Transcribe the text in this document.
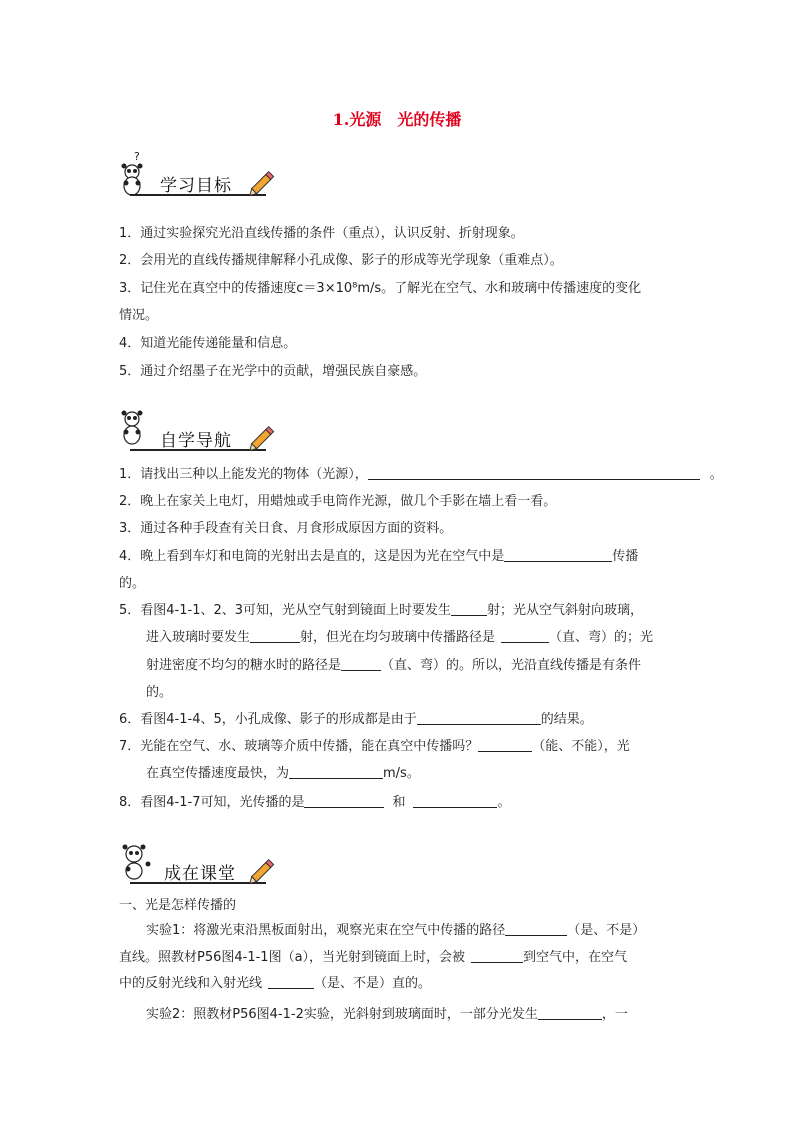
1.光源　光的传播
?
学习目标
1．通过实验探究光沿直线传播的条件（重点），认识反射、折射现象。
2．会用光的直线传播规律解释小孔成像、影子的形成等光学现象（重难点）。
3．记住光在真空中的传播速度c＝3×10⁸m/s。了解光在空气、水和玻璃中传播速度的变化
情况。
4．知道光能传递能量和信息。
5．通过介绍墨子在光学中的贡献，增强民族自豪感。
自学导航
1．请找出三种以上能发光的物体（光源），	。
2．晚上在家关上电灯，用蜡烛或手电筒作光源，做几个手影在墙上看一看。
3．通过各种手段查有关日食、月食形成原因方面的资料。
4．晚上看到车灯和电筒的光射出去是直的，这是因为光在空气中是	传播
的。
5．看图4-1-1、2、3可知，光从空气射到镜面上时要发生	射；光从空气斜射向玻璃，
进入玻璃时要发生	射，但光在均匀玻璃中传播路径是	（直、弯）的；光
射进密度不均匀的糖水时的路径是	（直、弯）的。所以，光沿直线传播是有条件
的。
6．看图4-1-4、5，小孔成像、影子的形成都是由于	的结果。
7．光能在空气、水、玻璃等介质中传播，能在真空中传播吗？	（能、不能），光
在真空传播速度最快，为	m/s。
8．看图4-1-7可知，光传播的是	和	。
成在课堂
一、光是怎样传播的
实验1：将激光束沿黑板面射出，观察光束在空气中传播的路径	（是、不是）
直线。照教材P56图4-1-1图（a），当光射到镜面上时，会被	到空气中，在空气
中的反射光线和入射光线	（是、不是）直的。
实验2：照教材P56图4-1-2实验，光斜射到玻璃面时，一部分光发生	，一
